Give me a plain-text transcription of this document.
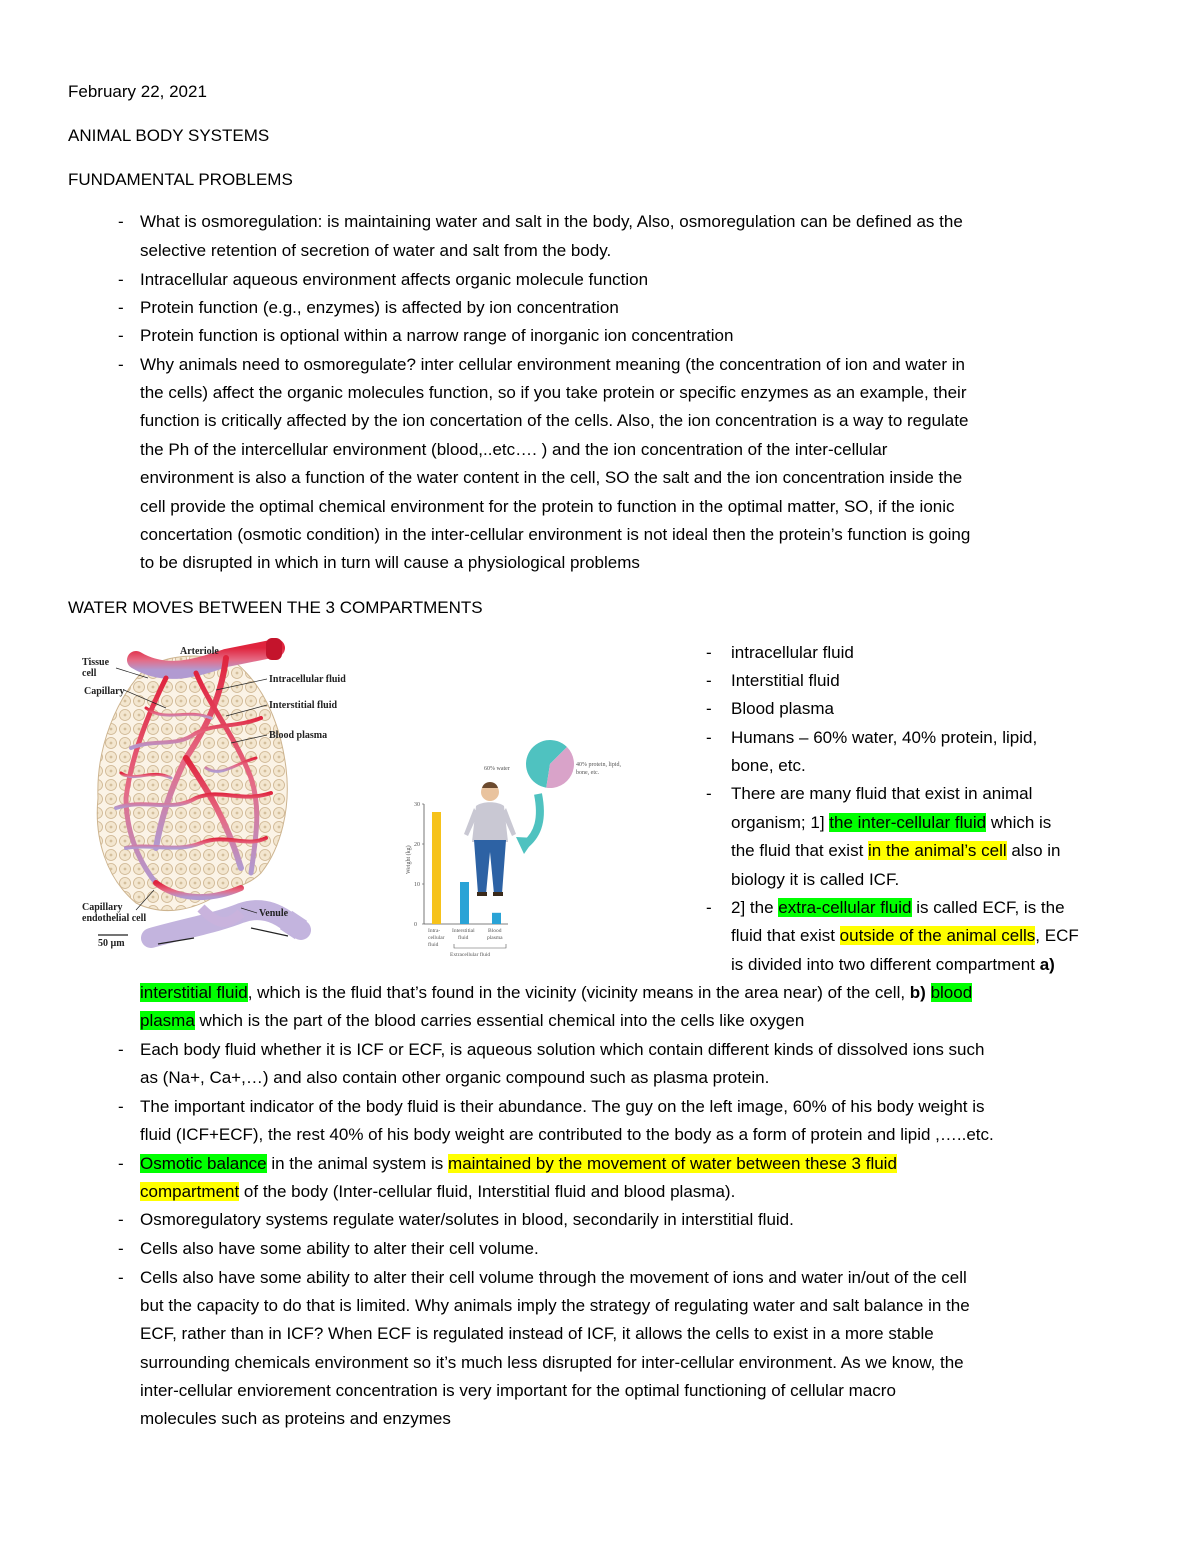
February 22, 2021
ANIMAL BODY SYSTEMS
FUNDAMENTAL PROBLEMS
- What is osmoregulation: is maintaining water and salt in the body, Also, osmoregulation can be defined as the
selective retention of secretion of water and salt from the body.
- Intracellular aqueous environment affects organic molecule function
- Protein function (e.g., enzymes) is affected by ion concentration
- Protein function is optional within a narrow range of inorganic ion concentration
- Why animals need to osmoregulate? inter cellular environment meaning (the concentration of ion and water in
the cells) affect the organic molecules function, so if you take protein or specific enzymes as an example, their
function is critically affected by the ion concertation of the cells. Also, the ion concentration is a way to regulate
the Ph of the intercellular environment (blood,..etc…. ) and the ion concentration of the inter-cellular
environment is also a function of the water content in the cell, SO the salt and the ion concentration inside the
cell provide the optimal chemical environment for the protein to function in the optimal matter, SO, if the ionic
concertation (osmotic condition) in the inter-cellular environment is not ideal then the protein’s function is going
to be disrupted in which in turn will cause a physiological problems
WATER MOVES BETWEEN THE 3 COMPARTMENTS
Arteriole
Tissue
cell
Capillary
Intracellular fluid
Interstitial fluid
Blood plasma
Capillary
endothelial cell	Venule
50 µm
60% water
40% protein, lipid,
bone, etc.
30
20
10
0
Weight (kg)
Intra-
cellular
fluid
Interstitial
fluid
Blood
plasma
Extracellular fluid
- intracellular fluid
- Interstitial fluid
- Blood plasma
- Humans – 60% water, 40% protein, lipid,
bone, etc.
- There are many fluid that exist in animal
organism; 1] the inter-cellular fluid which is
the fluid that exist in the animal’s cell also in
biology it is called ICF.
- 2] the extra-cellular fluid is called ECF, is the
fluid that exist outside of the animal cells, ECF
is divided into two different compartment a)
interstitial fluid, which is the fluid that’s found in the vicinity (vicinity means in the area near) of the cell, b) blood
plasma which is the part of the blood carries essential chemical into the cells like oxygen
- Each body fluid whether it is ICF or ECF, is aqueous solution which contain different kinds of dissolved ions such
as (Na+, Ca+,…) and also contain other organic compound such as plasma protein.
- The important indicator of the body fluid is their abundance. The guy on the left image, 60% of his body weight is
fluid (ICF+ECF), the rest 40% of his body weight are contributed to the body as a form of protein and lipid ,…..etc.
- Osmotic balance in the animal system is maintained by the movement of water between these 3 fluid
compartment of the body (Inter-cellular fluid, Interstitial fluid and blood plasma).
- Osmoregulatory systems regulate water/solutes in blood, secondarily in interstitial fluid.
- Cells also have some ability to alter their cell volume.
- Cells also have some ability to alter their cell volume through the movement of ions and water in/out of the cell
but the capacity to do that is limited. Why animals imply the strategy of regulating water and salt balance in the
ECF, rather than in ICF? When ECF is regulated instead of ICF, it allows the cells to exist in a more stable
surrounding chemicals environment so it’s much less disrupted for inter-cellular environment. As we know, the
inter-cellular enviorement concentration is very important for the optimal functioning of cellular macro
molecules such as proteins and enzymes
